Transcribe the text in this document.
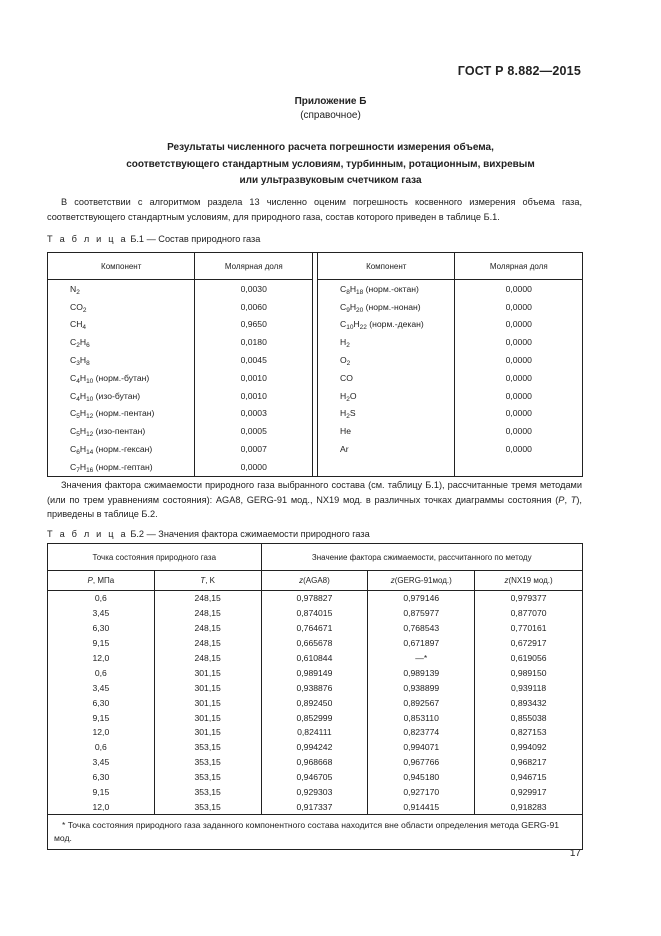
ГОСТ Р 8.882—2015
Приложение Б
(справочное)
Результаты численного расчета погрешности измерения объема,
соответствующего стандартным условиям, турбинным, ротационным, вихревым
или ультразвуковым счетчиком газа
В соответствии с алгоритмом раздела 13 численно оценим погрешность косвенного измерения объема газа, соответствующего стандартным условиям, для природного газа, состав которого приведен в таблице Б.1.
Т а б л и ц а Б.1 — Состав природного газа
Компонент	Молярная доля		Компонент	Молярная доля
$N_2$	0,0030		$C_8H_{18}$ (норм.-октан)	0,0000
$CO_2$	0,0060		$C_9H_{20}$ (норм.-нонан)	0,0000
$CH_4$	0,9650		$C_{10}H_{22}$ (норм.-декан)	0,0000
$C_2H_6$	0,0180		$H_2$	0,0000
$C_3H_8$	0,0045		$O_2$	0,0000
$C_4H_{10}$ (норм.-бутан)	0,0010		CO	0,0000
$C_4H_{10}$ (изо-бутан)	0,0010		$H_2O$	0,0000
$C_5H_{12}$ (норм.-пентан)	0,0003		$H_2S$	0,0000
$C_5H_{12}$ (изо-пентан)	0,0005		He	0,0000
$C_6H_{14}$ (норм.-гексан)	0,0007		Ar	0,0000
$C_7H_{16}$ (норм.-гептан)	0,0000			
Значения фактора сжимаемости природного газа выбранного состава (см. таблицу Б.1), рассчитанные тремя методами (или по трем уравнениям состояния): AGA8, GERG-91 мод., NX19 мод. в различных точках диаграммы состояния (P, T), приведены в таблице Б.2.
Т а б л и ц а Б.2 — Значения фактора сжимаемости природного газа
Точка состояния природного газа		Значение фактора сжимаемости, рассчитанного по методу		
P, МПа	T, K	z(AGA8)	z(GERG-91мод.)	z(NX19 мод.)
0,6	248,15	0,978827	0,979146	0,979377
3,45	248,15	0,874015	0,875977	0,877070
6,30	248,15	0,764671	0,768543	0,770161
9,15	248,15	0,665678	0,671897	0,672917
12,0	248,15	0,610844	—*	0,619056
0,6	301,15	0,989149	0,989139	0,989150
3,45	301,15	0,938876	0,938899	0,939118
6,30	301,15	0,892450	0,892567	0,893432
9,15	301,15	0,852999	0,853110	0,855038
12,0	301,15	0,824111	0,823774	0,827153
0,6	353,15	0,994242	0,994071	0,994092
3,45	353,15	0,968668	0,967766	0,968217
6,30	353,15	0,946705	0,945180	0,946715
9,15	353,15	0,929303	0,927170	0,929917
12,0	353,15	0,917337	0,914415	0,918283
* Точка состояния природного газа заданного компонентного состава находится вне области определения метода GERG-91 мод.				
17
